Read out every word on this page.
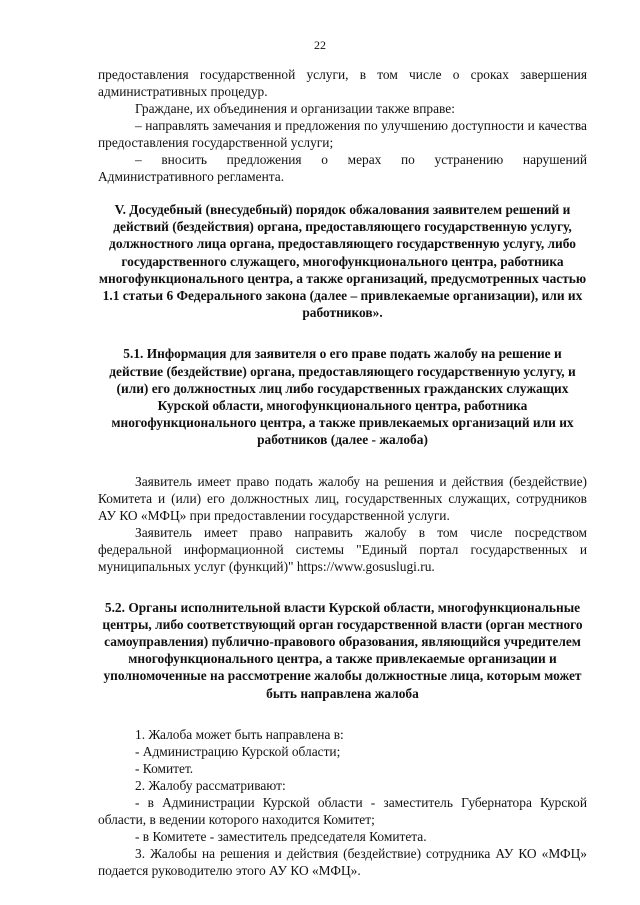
22

предоставления государственной услуги, в том числе о сроках завершения административных процедур.

Граждане, их объединения и организации также вправе:

– направлять замечания и предложения по улучшению доступности и качества предоставления государственной услуги;

– вносить предложения о мерах по устранению нарушений Административного регламента.

V. Досудебный (внесудебный) порядок обжалования заявителем решений и действий (бездействия) органа, предоставляющего государственную услугу, должностного лица органа, предоставляющего государственную услугу, либо государственного служащего, многофункционального центра, работника многофункционального центра, а также организаций, предусмотренных частью 1.1 статьи 6 Федерального закона (далее – привлекаемые организации), или их работников».

5.1. Информация для заявителя о его праве подать жалобу на решение и действие (бездействие) органа, предоставляющего государственную услугу, и (или) его должностных лиц либо государственных гражданских служащих Курской области, многофункционального центра, работника многофункционального центра, а также привлекаемых организаций или их работников (далее - жалоба)

Заявитель имеет право подать жалобу на решения и действия (бездействие) Комитета и (или) его должностных лиц, государственных служащих, сотрудников АУ КО «МФЦ» при предоставлении государственной услуги.

Заявитель имеет право направить жалобу в том числе посредством федеральной информационной системы "Единый портал государственных и муниципальных услуг (функций)" https://www.gosuslugi.ru.

5.2. Органы исполнительной власти Курской области, многофункциональные центры, либо соответствующий орган государственной власти (орган местного самоуправления) публично-правового образования, являющийся учредителем многофункционального центра, а также привлекаемые организации и уполномоченные на рассмотрение жалобы должностные лица, которым может быть направлена жалоба

1. Жалоба может быть направлена в:

- Администрацию Курской области;

- Комитет.

2. Жалобу рассматривают:

- в Администрации Курской области - заместитель Губернатора Курской области, в ведении которого находится Комитет;

- в Комитете - заместитель председателя Комитета.

3. Жалобы на решения и действия (бездействие) сотрудника АУ КО «МФЦ» подается руководителю этого АУ КО «МФЦ».
